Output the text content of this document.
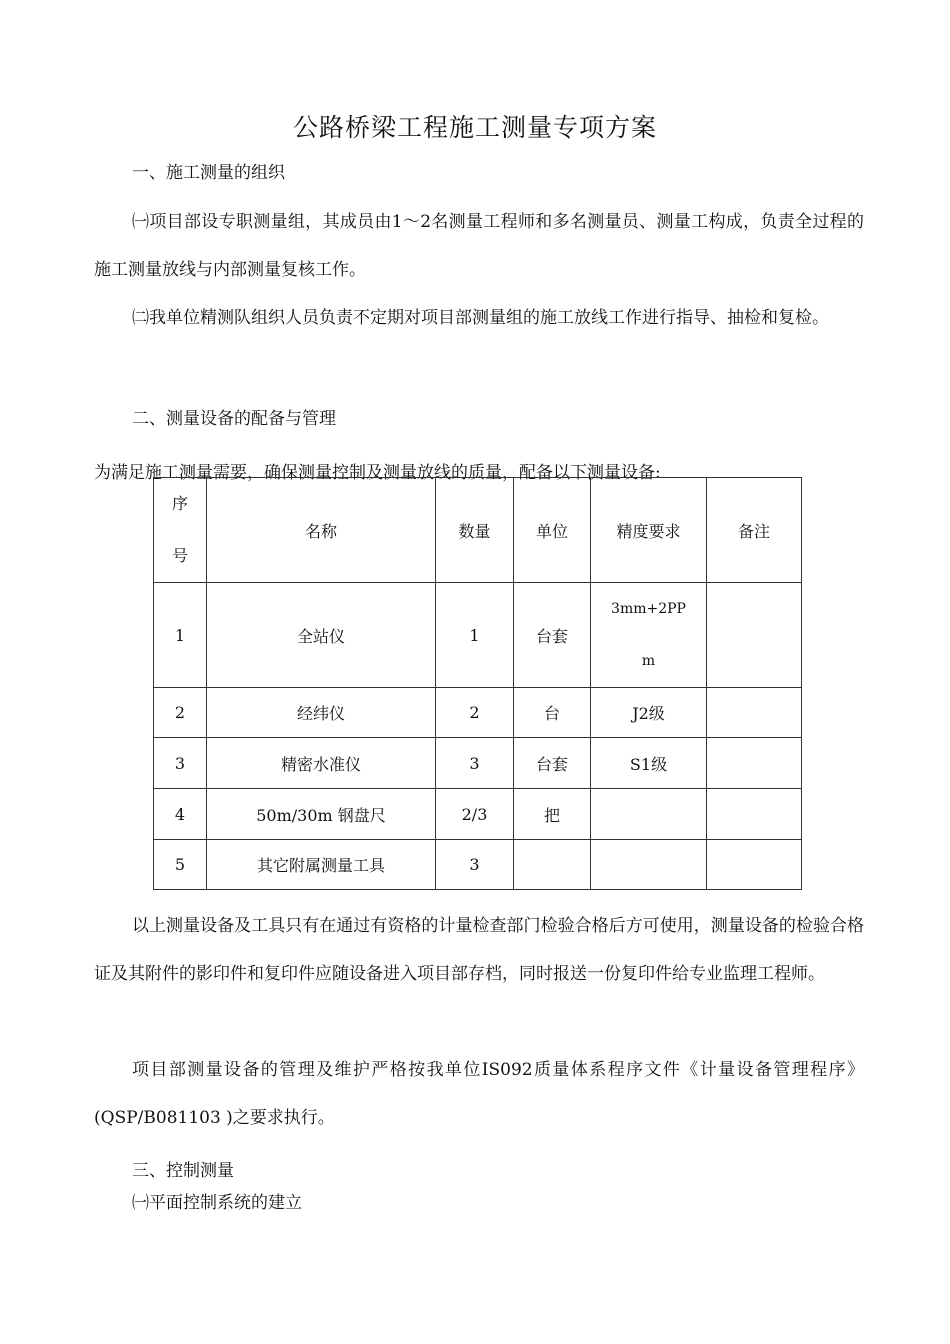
公路桥梁工程施工测量专项方案
一、施工测量的组织
㈠项目部设专职测量组，其成员由1〜2名测量工程师和多名测量员、测量工构成，负责全过程的施工测量放线与内部测量复核工作。
㈡我单位精测队组织人员负责不定期对项目部测量组的施工放线工作进行指导、抽检和复检。
二、测量设备的配备与管理
为满足施工测量需要，确保测量控制及测量放线的质量，配备以下测量设备:
序
号	名称	数量	单位	精度要求	备注
1	全站仪	1	台套	3mm+2PP
m	

2	经纬仪	2	台	J2级	
3	精密水准仪	3	台套	S1级	
4	50m/30m 钢盘尺	2/3	把		
5	其它附属测量工具	3			
以上测量设备及工具只有在通过有资格的计量检查部门检验合格后方可使用，测量设备的检验合格证及其附件的影印件和复印件应随设备进入项目部存档，同时报送一份复印件给专业监理工程师。
项目部测量设备的管理及维护严格按我单位IS092质量体系程序文件《计量设备管理程序》(QSP/B081103 )之要求执行。
三、控制测量
㈠平面控制系统的建立
